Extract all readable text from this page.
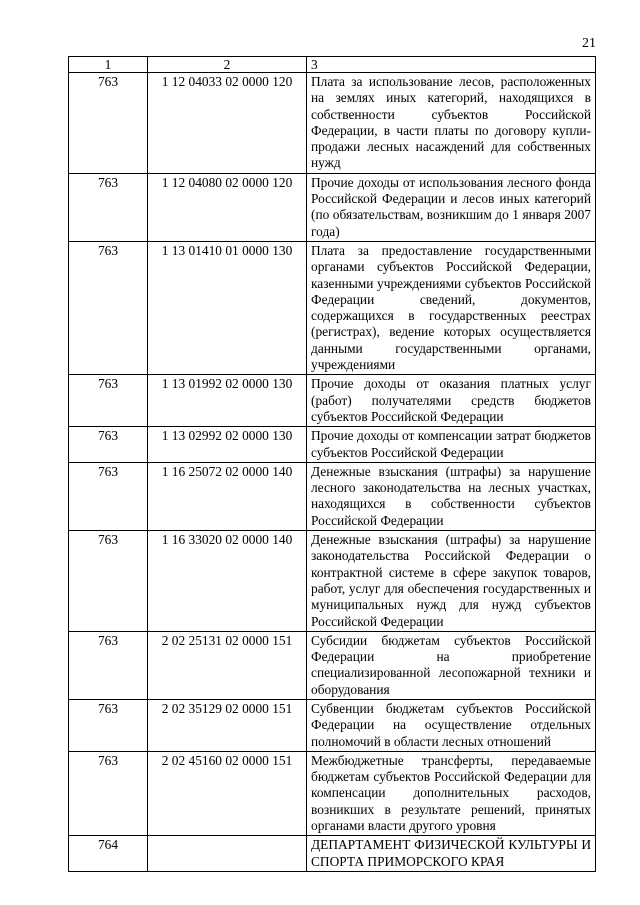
21
1	2	3
763	1 12 04033 02 0000 120	Плата за использование лесов, расположенных на землях иных категорий, находящихся в собственности субъектов Российской Федерации, в части платы по договору купли-продажи лесных насаждений для собственных нужд
763	1 12 04080 02 0000 120	Прочие доходы от использования лесного фонда Российской Федерации и лесов иных категорий (по обязательствам, возникшим до 1 января 2007 года)
763	1 13 01410 01 0000 130	Плата за предоставление государственными органами субъектов Российской Федерации, казенными учреждениями субъектов Российской Федерации сведений, документов, содержащихся в государственных реестрах (регистрах), ведение которых осуществляется данными государственными органами, учреждениями
763	1 13 01992 02 0000 130	Прочие доходы от оказания платных услуг (работ) получателями средств бюджетов субъектов Российской Федерации
763	1 13 02992 02 0000 130	Прочие доходы от компенсации затрат бюджетов субъектов Российской Федерации
763	1 16 25072 02 0000 140	Денежные взыскания (штрафы) за нарушение лесного законодательства на лесных участках, находящихся в собственности субъектов Российской Федерации
763	1 16 33020 02 0000 140	Денежные взыскания (штрафы) за нарушение законодательства Российской Федерации о контрактной системе в сфере закупок товаров, работ, услуг для обеспечения государственных и муниципальных нужд для нужд субъектов Российской Федерации
763	2 02 25131 02 0000 151	Субсидии бюджетам субъектов Российской Федерации на приобретение специализированной лесопожарной техники и оборудования
763	2 02 35129 02 0000 151	Субвенции бюджетам субъектов Российской Федерации на осуществление отдельных полномочий в области лесных отношений
763	2 02 45160 02 0000 151	Межбюджетные трансферты, передаваемые бюджетам субъектов Российской Федерации для компенсации дополнительных расходов, возникших в результате решений, принятых органами власти другого уровня
764		ДЕПАРТАМЕНТ ФИЗИЧЕСКОЙ КУЛЬТУРЫ И СПОРТА ПРИМОРСКОГО КРАЯ
